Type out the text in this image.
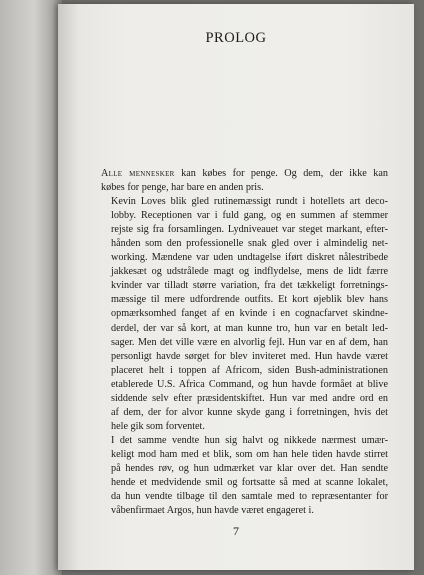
PROLOG

Alle mennesker kan købes for penge. Og dem, der ikke kan
købes for penge, har bare en anden pris.

Kevin Loves blik gled rutinemæssigt rundt i hotellets art deco-
lobby. Receptionen var i fuld gang, og en summen af stemmer
rejste sig fra forsamlingen. Lydniveauet var steget markant, efter-
hånden som den professionelle snak gled over i almindelig net-
working. Mændene var uden undtagelse iført diskret nålestribede
jakkesæt og udstrålede magt og indflydelse, mens de lidt færre
kvinder var tilladt større variation, fra det tækkeligt forretnings-
mæssige til mere udfordrende outfits. Et kort øjeblik blev hans
opmærksomhed fanget af en kvinde i en cognacfarvet skindne-
derdel, der var så kort, at man kunne tro, hun var en betalt led-
sager. Men det ville være en alvorlig fejl. Hun var en af dem, han
personligt havde sørget for blev inviteret med. Hun havde været
placeret helt i toppen af Africom, siden Bush-administrationen
etablerede U.S. Africa Command, og hun havde formået at blive
siddende selv efter præsidentskiftet. Hun var med andre ord en
af dem, der for alvor kunne skyde gang i forretningen, hvis det
hele gik som forventet.

I det samme vendte hun sig halvt og nikkede nærmest umær-
keligt mod ham med et blik, som om han hele tiden havde stirret
på hendes røv, og hun udmærket var klar over det. Han sendte
hende et medvidende smil og fortsatte så med at scanne lokalet,
da hun vendte tilbage til den samtale med to repræsentanter for
våbenfirmaet Argos, hun havde været engageret i.

7
